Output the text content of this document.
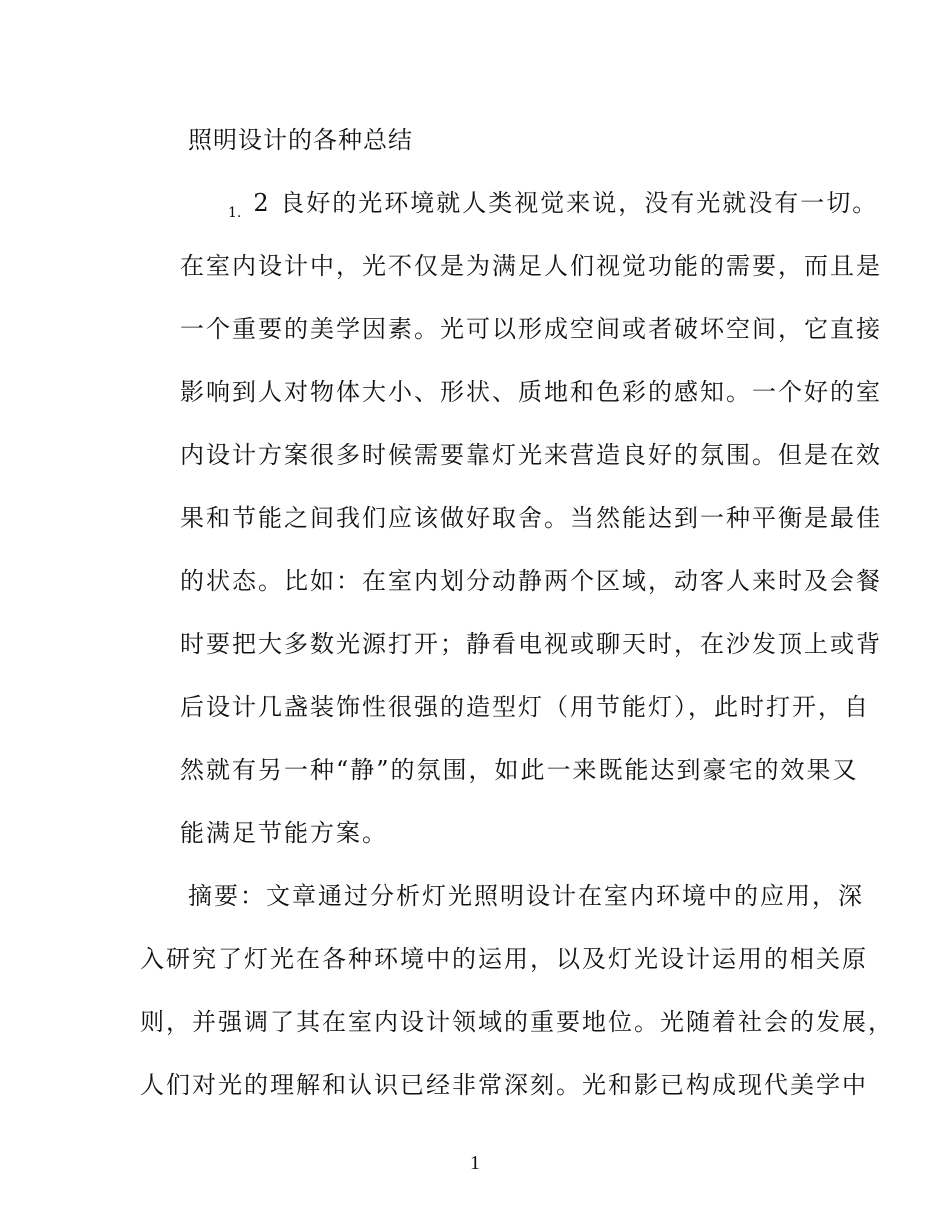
照明设计的各种总结
$_{1.}$ 2 良好的光环境就人类视觉来说，没有光就没有一切。
在室内设计中，光不仅是为满足人们视觉功能的需要，而且是
一个重要的美学因素。光可以形成空间或者破坏空间，它直接
影响到人对物体大小、形状、质地和色彩的感知。一个好的室
内设计方案很多时候需要靠灯光来营造良好的氛围。但是在效
果和节能之间我们应该做好取舍。当然能达到一种平衡是最佳
的状态。比如：在室内划分动静两个区域，动客人来时及会餐
时要把大多数光源打开；静看电视或聊天时，在沙发顶上或背
后设计几盏装饰性很强的造型灯（用节能灯），此时打开，自
然就有另一种“静”的氛围，如此一来既能达到豪宅的效果又
能满足节能方案。
摘要：文章通过分析灯光照明设计在室内环境中的应用，深
入研究了灯光在各种环境中的运用，以及灯光设计运用的相关原
则，并强调了其在室内设计领域的重要地位。光随着社会的发展，
人们对光的理解和认识已经非常深刻。光和影已构成现代美学中
1
